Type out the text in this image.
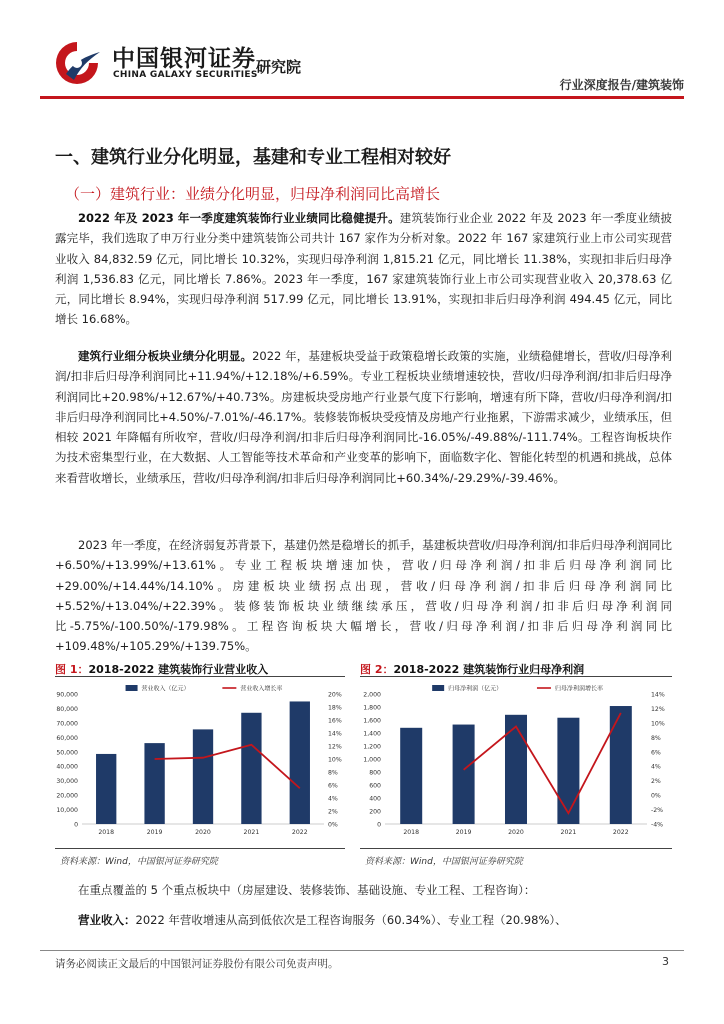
中国银河证券
CHINA GALAXY SECURITIES
研究院
行业深度报告/建筑装饰
一、建筑行业分化明显，基建和专业工程相对较好
（一）建筑行业：业绩分化明显，归母净利润同比高增长

2022 年及 2023 年一季度建筑装饰行业业绩同比稳健提升。建筑装饰行业企业 2022 年及 2023 年一季度业绩披露完毕，我们选取了申万行业分类中建筑装饰公司共计 167 家作为分析对象。2022 年 167 家建筑行业上市公司实现营业收入 84,832.59 亿元，同比增长 10.32%，实现归母净利润 1,815.21 亿元，同比增长 11.38%，实现扣非后归母净利润 1,536.83 亿元，同比增长 7.86%。2023 年一季度，167 家建筑装饰行业上市公司实现营业收入 20,378.63 亿元，同比增长 8.94%，实现归母净利润 517.99 亿元，同比增长 13.91%，实现扣非后归母净利润 494.45 亿元，同比增长 16.68%。

建筑行业细分板块业绩分化明显。2022 年，基建板块受益于政策稳增长政策的实施，业绩稳健增长，营收/归母净利润/扣非后归母净利润同比+11.94%/+12.18%/+6.59%。专业工程板块业绩增速较快，营收/归母净利润/扣非后归母净利润同比+20.98%/+12.67%/+40.73%。房建板块受房地产行业景气度下行影响，增速有所下降，营收/归母净利润/扣非后归母净利润同比+4.50%/-7.01%/-46.17%。装修装饰板块受疫情及房地产行业拖累，下游需求减少，业绩承压，但相较 2021 年降幅有所收窄，营收/归母净利润/扣非后归母净利润同比-16.05%/-49.88%/-111.74%。工程咨询板块作为技术密集型行业，在大数据、人工智能等技术革命和产业变革的影响下，面临数字化、智能化转型的机遇和挑战，总体来看营收增长，业绩承压，营收/归母净利润/扣非后归母净利润同比+60.34%/-29.29%/-39.46%。

2023 年一季度，在经济弱复苏背景下，基建仍然是稳增长的抓手，基建板块营收/归母净利润/扣非后归母净利润同比+6.50%/+13.99%/+13.61%。专业工程板块增速加快，营收/归母净利润/扣非后归母净利润同比+29.00%/+14.44%/14.10%。房建板块业绩拐点出现，营收/归母净利润/扣非后归母净利润同比+5.52%/+13.04%/+22.39%。装修装饰板块业绩继续承压，营收/归母净利润/扣非后归母净利润同比-5.75%/-100.50%/-179.98%。工程咨询板块大幅增长，营收/归母净利润/扣非后归母净利润同比+109.48%/+105.29%/+139.75%。

图 1：2018-2022 建筑装饰行业营业收入
0
10,000
20,000
30,000
40,000
50,000
60,000
70,000
80,000
90,000
0%
2%
4%
6%
8%
10%
12%
14%
16%
18%
20%
2018	2019	2020	2021	2022
营业收入（亿元）	营业收入增长率
资料来源：Wind，中国银河证券研究院
图 2：2018-2022 建筑装饰行业归母净利润
0
200
400
600
800
1,000
1,200
1,400
1,600
1,800
2,000
-4%
-2%
0%
2%
4%
6%
8%
10%
12%
14%
2018	2019	2020	2021	2022
归母净利润（亿元）	归母净利润增长率
资料来源：Wind，中国银河证券研究院

在重点覆盖的 5 个重点板块中（房屋建设、装修装饰、基础设施、专业工程、工程咨询）：

营业收入：2022 年营收增速从高到低依次是工程咨询服务（60.34%）、专业工程（20.98%）、

请务必阅读正文最后的中国银河证券股份有限公司免责声明。	3
